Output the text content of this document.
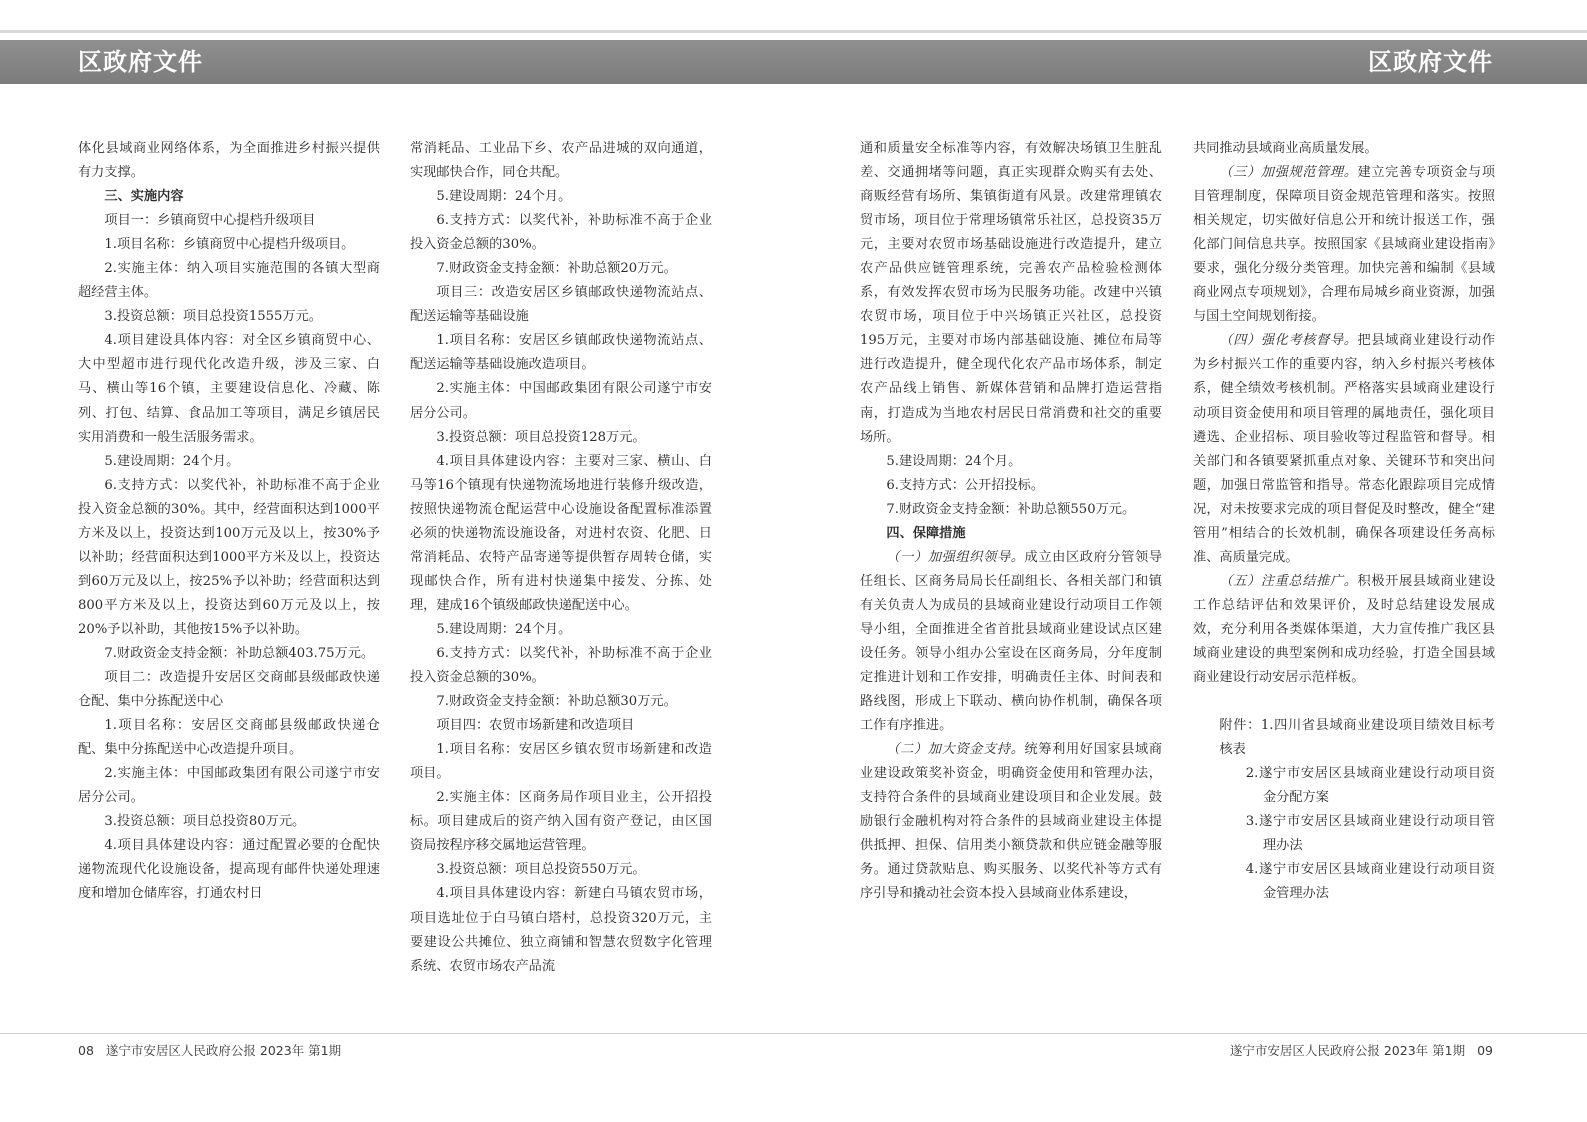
区政府文件	区政府文件

体化县域商业网络体系，为全面推进乡村振兴提供有力支撑。

三、实施内容

项目一：乡镇商贸中心提档升级项目

1.项目名称：乡镇商贸中心提档升级项目。

2.实施主体：纳入项目实施范围的各镇大型商超经营主体。

3.投资总额：项目总投资1555万元。

4.项目建设具体内容：对全区乡镇商贸中心、大中型超市进行现代化改造升级，涉及三家、白马、横山等16个镇，主要建设信息化、冷藏、陈列、打包、结算、食品加工等项目，满足乡镇居民实用消费和一般生活服务需求。

5.建设周期：24个月。

6.支持方式：以奖代补，补助标准不高于企业投入资金总额的30%。其中，经营面积达到1000平方米及以上，投资达到100万元及以上，按30%予以补助；经营面积达到1000平方米及以上，投资达到60万元及以上，按25%予以补助；经营面积达到800平方米及以上，投资达到60万元及以上，按20%予以补助，其他按15%予以补助。

7.财政资金支持金额：补助总额403.75万元。

项目二：改造提升安居区交商邮县级邮政快递仓配、集中分拣配送中心

1.项目名称：安居区交商邮县级邮政快递仓配、集中分拣配送中心改造提升项目。

2.实施主体：中国邮政集团有限公司遂宁市安居分公司。

3.投资总额：项目总投资80万元。

4.项目具体建设内容：通过配置必要的仓配快递物流现代化设施设备，提高现有邮件快递处理速度和增加仓储库容，打通农村日

常消耗品、工业品下乡、农产品进城的双向通道，实现邮快合作，同仓共配。

5.建设周期：24个月。

6.支持方式：以奖代补，补助标准不高于企业投入资金总额的30%。

7.财政资金支持金额：补助总额20万元。

项目三：改造安居区乡镇邮政快递物流站点、配送运输等基础设施

1.项目名称：安居区乡镇邮政快递物流站点、配送运输等基础设施改造项目。

2.实施主体：中国邮政集团有限公司遂宁市安居分公司。

3.投资总额：项目总投资128万元。

4.项目具体建设内容：主要对三家、横山、白马等16个镇现有快递物流场地进行装修升级改造，按照快递物流仓配运营中心设施设备配置标准添置必须的快递物流设施设备，对进村农资、化肥、日常消耗品、农特产品寄递等提供暂存周转仓储，实现邮快合作，所有进村快递集中接发、分拣、处理，建成16个镇级邮政快递配送中心。

5.建设周期：24个月。

6.支持方式：以奖代补，补助标准不高于企业投入资金总额的30%。

7.财政资金支持金额：补助总额30万元。

项目四：农贸市场新建和改造项目

1.项目名称：安居区乡镇农贸市场新建和改造项目。

2.实施主体：区商务局作项目业主，公开招投标。项目建成后的资产纳入国有资产登记，由区国资局按程序移交属地运营管理。

3.投资总额：项目总投资550万元。

4.项目具体建设内容：新建白马镇农贸市场，项目选址位于白马镇白塔村，总投资320万元，主要建设公共摊位、独立商铺和智慧农贸数字化管理系统、农贸市场农产品流

通和质量安全标准等内容，有效解决场镇卫生脏乱差、交通拥堵等问题，真正实现群众购买有去处、商贩经营有场所、集镇街道有风景。改建常理镇农贸市场，项目位于常理场镇常乐社区，总投资35万元，主要对农贸市场基础设施进行改造提升，建立农产品供应链管理系统，完善农产品检验检测体系，有效发挥农贸市场为民服务功能。改建中兴镇农贸市场，项目位于中兴场镇正兴社区，总投资195万元，主要对市场内部基础设施、摊位布局等进行改造提升，健全现代化农产品市场体系，制定农产品线上销售、新媒体营销和品牌打造运营指南，打造成为当地农村居民日常消费和社交的重要场所。

5.建设周期：24个月。

6.支持方式：公开招投标。

7.财政资金支持金额：补助总额550万元。

四、保障措施

（一）加强组织领导。成立由区政府分管领导任组长、区商务局局长任副组长、各相关部门和镇有关负责人为成员的县域商业建设行动项目工作领导小组，全面推进全省首批县域商业建设试点区建设任务。领导小组办公室设在区商务局，分年度制定推进计划和工作安排，明确责任主体、时间表和路线图，形成上下联动、横向协作机制，确保各项工作有序推进。

（二）加大资金支持。统筹利用好国家县域商业建设政策奖补资金，明确资金使用和管理办法，支持符合条件的县域商业建设项目和企业发展。鼓励银行金融机构对符合条件的县域商业建设主体提供抵押、担保、信用类小额贷款和供应链金融等服务。通过贷款贴息、购买服务、以奖代补等方式有序引导和撬动社会资本投入县域商业体系建设，

共同推动县域商业高质量发展。

（三）加强规范管理。建立完善专项资金与项目管理制度，保障项目资金规范管理和落实。按照相关规定，切实做好信息公开和统计报送工作，强化部门间信息共享。按照国家《县域商业建设指南》要求，强化分级分类管理。加快完善和编制《县域商业网点专项规划》，合理布局城乡商业资源，加强与国土空间规划衔接。

（四）强化考核督导。把县域商业建设行动作为乡村振兴工作的重要内容，纳入乡村振兴考核体系，健全绩效考核机制。严格落实县域商业建设行动项目资金使用和项目管理的属地责任，强化项目遴选、企业招标、项目验收等过程监管和督导。相关部门和各镇要紧抓重点对象、关键环节和突出问题，加强日常监管和指导。常态化跟踪项目完成情况，对未按要求完成的项目督促及时整改，健全“建管用”相结合的长效机制，确保各项建设任务高标准、高质量完成。

（五）注重总结推广。积极开展县域商业建设工作总结评估和效果评价，及时总结建设发展成效，充分利用各类媒体渠道，大力宣传推广我区县域商业建设的典型案例和成功经验，打造全国县域商业建设行动安居示范样板。

附件：1.四川省县域商业建设项目绩效目标考核表

2.遂宁市安居区县域商业建设行动项目资金分配方案

3.遂宁市安居区县域商业建设行动项目管理办法

4.遂宁市安居区县域商业建设行动项目资金管理办法

08 遂宁市安居区人民政府公报 2023年 第1期	遂宁市安居区人民政府公报 2023年 第1期 09
